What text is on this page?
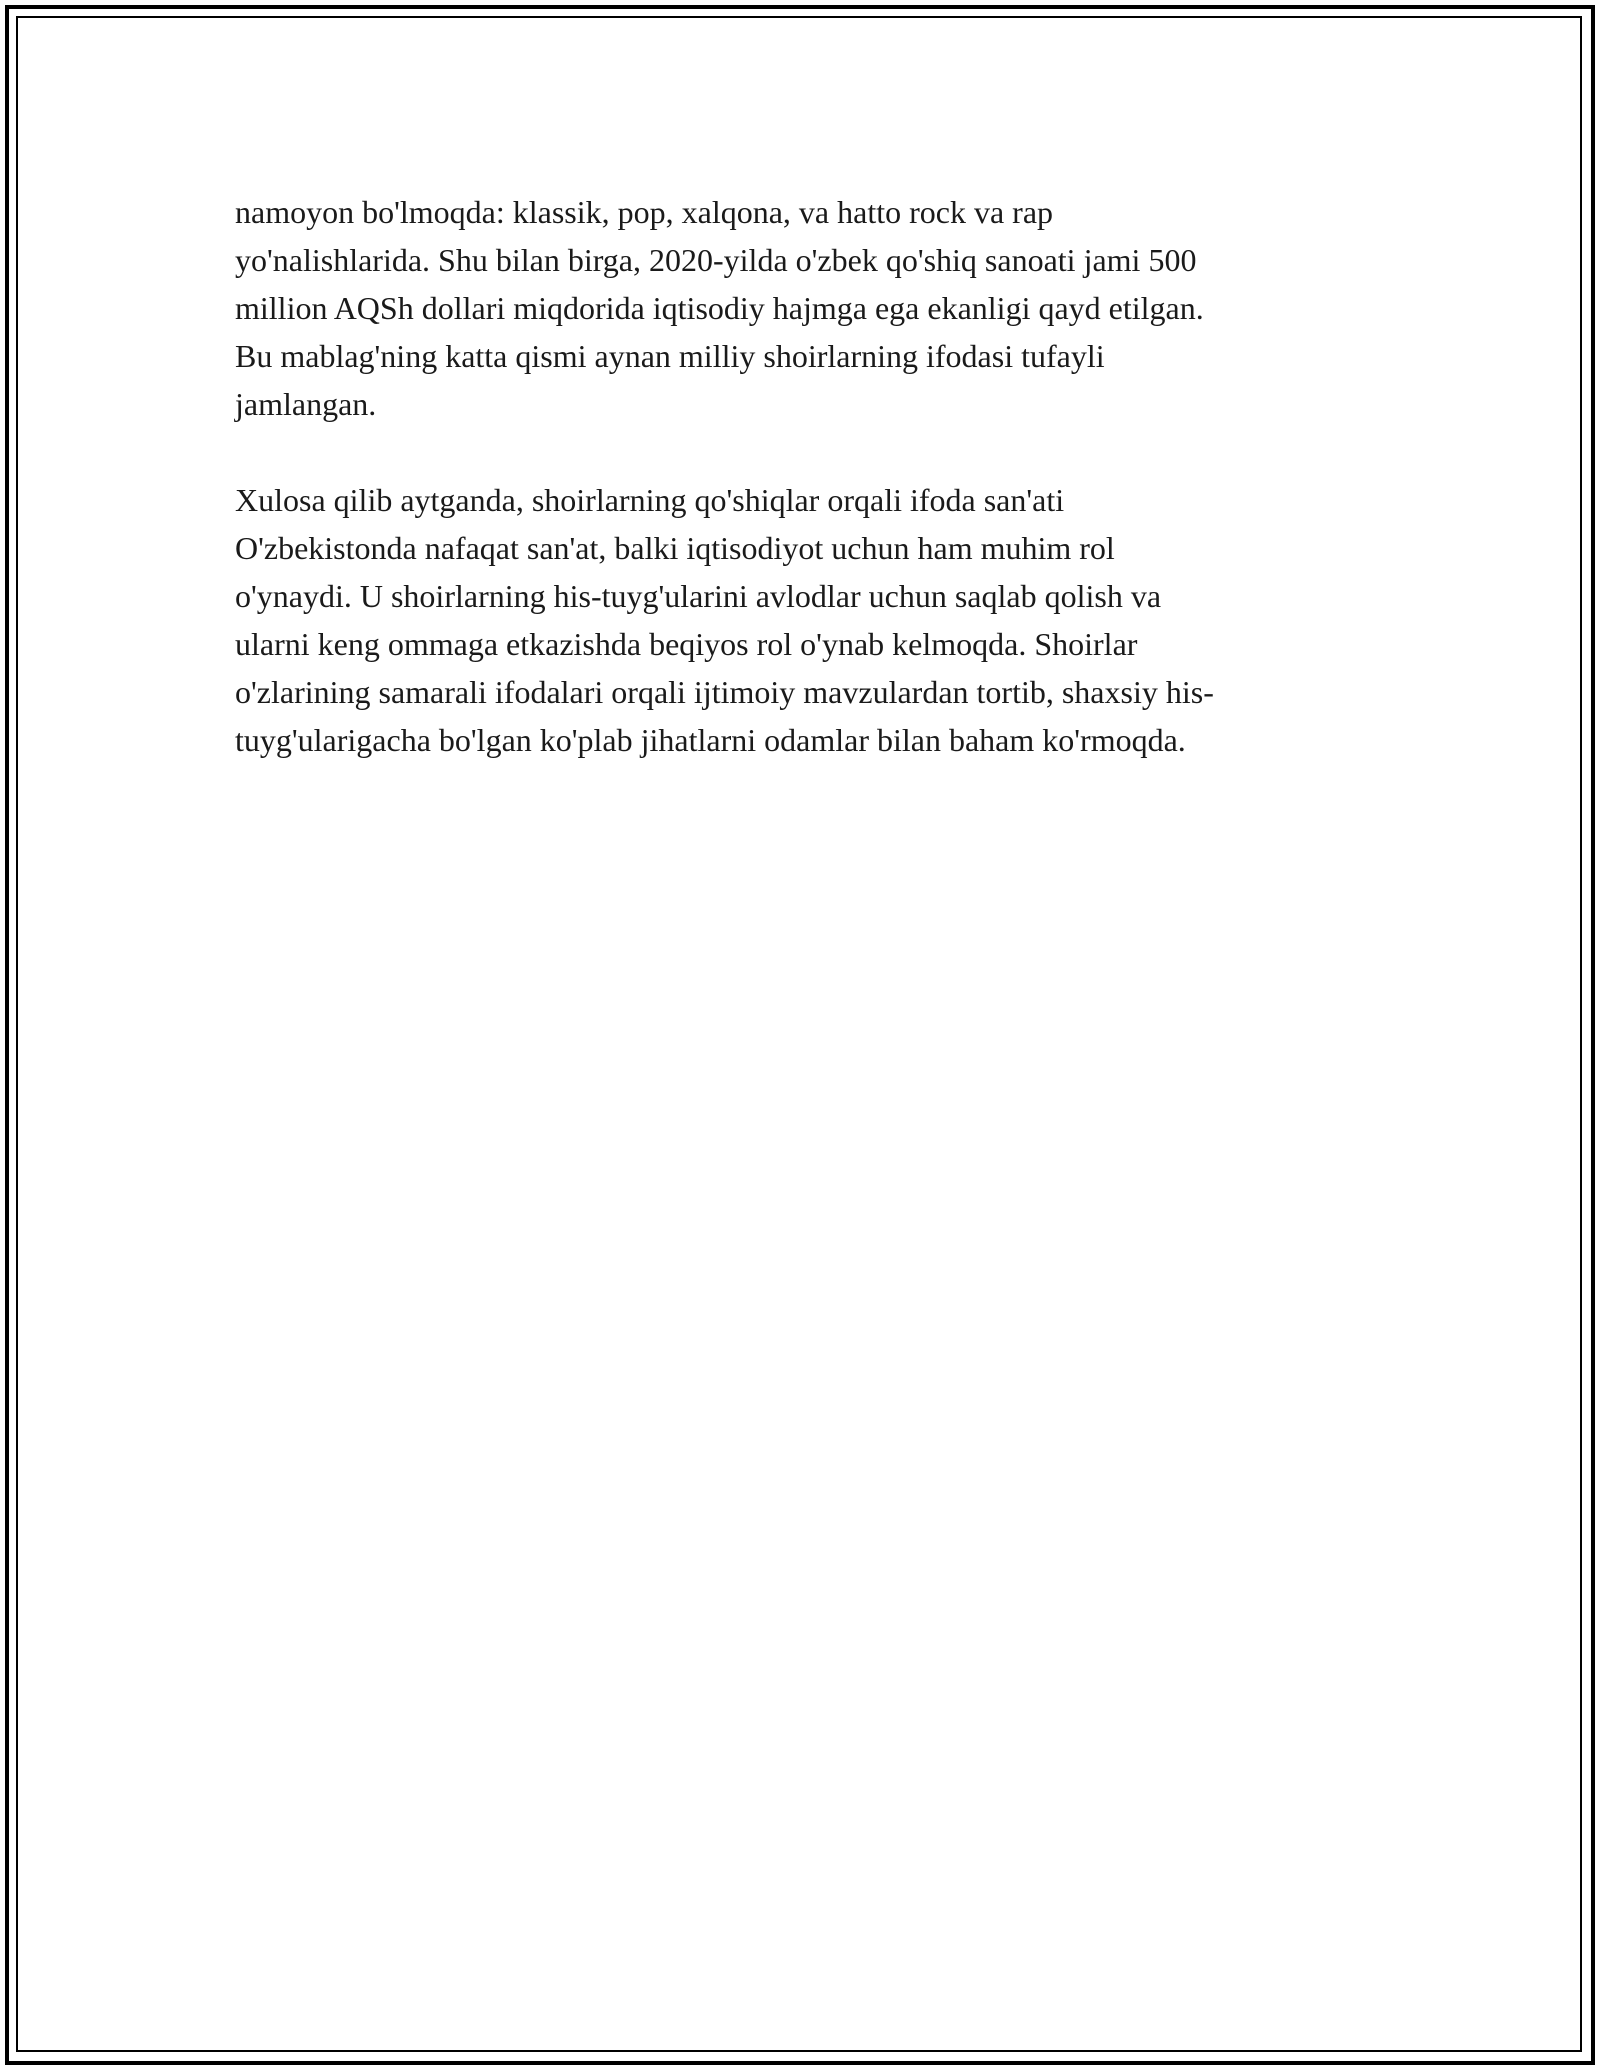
namoyon bo'lmoqda: klassik, pop, xalqona, va hatto rock va rap
yo'nalishlarida. Shu bilan birga, 2020-yilda o'zbek qo'shiq sanoati jami 500
million AQSh dollari miqdorida iqtisodiy hajmga ega ekanligi qayd etilgan.
Bu mablag'ning katta qismi aynan milliy shoirlarning ifodasi tufayli
jamlangan.

Xulosa qilib aytganda, shoirlarning qo'shiqlar orqali ifoda san'ati
O'zbekistonda nafaqat san'at, balki iqtisodiyot uchun ham muhim rol
o'ynaydi. U shoirlarning his-tuyg'ularini avlodlar uchun saqlab qolish va
ularni keng ommaga etkazishda beqiyos rol o'ynab kelmoqda. Shoirlar
o'zlarining samarali ifodalari orqali ijtimoiy mavzulardan tortib, shaxsiy his-
tuyg'ularigacha bo'lgan ko'plab jihatlarni odamlar bilan baham ko'rmoqda.
